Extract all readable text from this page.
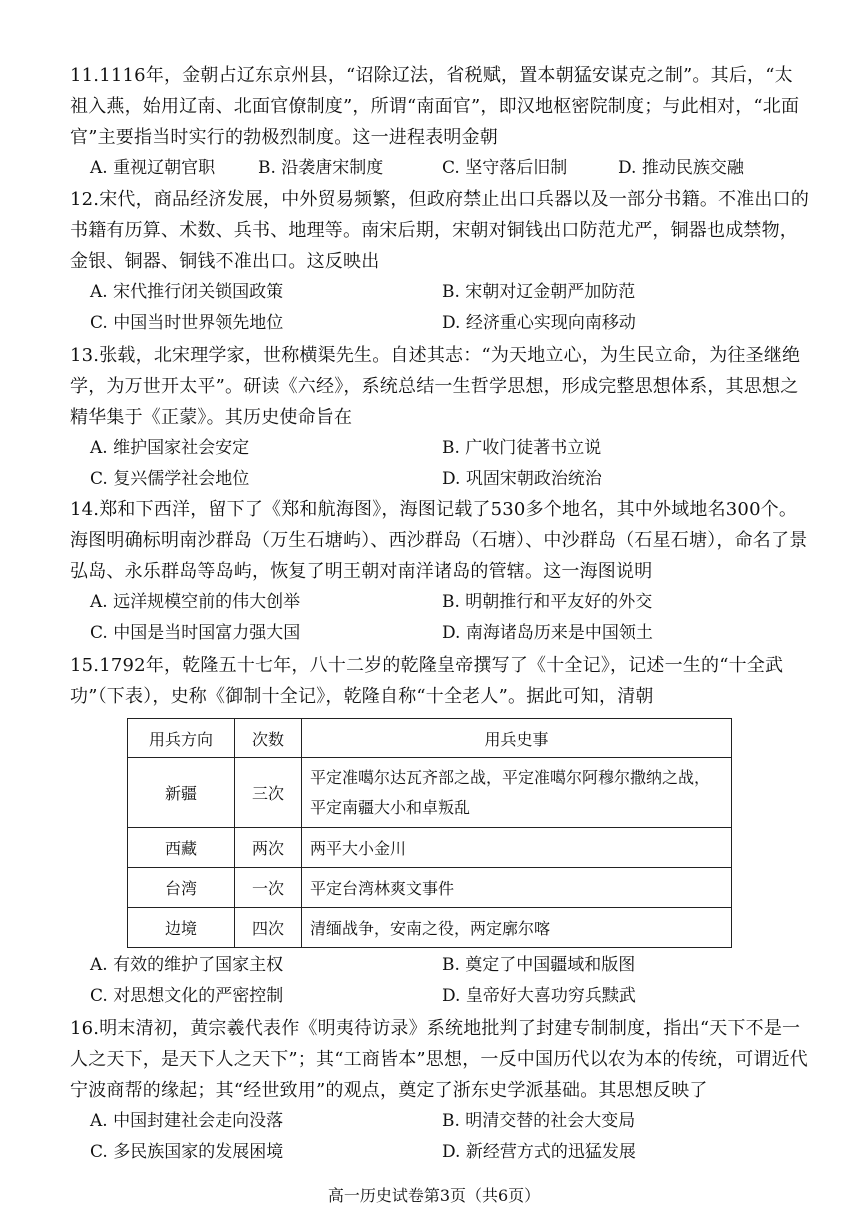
11.1116年，金朝占辽东京州县，“诏除辽法，省税赋，置本朝猛安谋克之制”。其后，“太祖入燕，始用辽南、北面官僚制度”，所谓“南面官”，即汉地枢密院制度；与此相对，“北面官”主要指当时实行的勃极烈制度。这一进程表明金朝

A. 重视辽朝官职	B. 沿袭唐宋制度	C. 坚守落后旧制	D. 推动民族交融

12.宋代，商品经济发展，中外贸易频繁，但政府禁止出口兵器以及一部分书籍。不准出口的书籍有历算、术数、兵书、地理等。南宋后期，宋朝对铜钱出口防范尤严，铜器也成禁物，金银、铜器、铜钱不准出口。这反映出

A. 宋代推行闭关锁国政策	B. 宋朝对辽金朝严加防范
C. 中国当时世界领先地位	D. 经济重心实现向南移动

13.张载，北宋理学家，世称横渠先生。自述其志：“为天地立心，为生民立命，为往圣继绝学，为万世开太平”。研读《六经》，系统总结一生哲学思想，形成完整思想体系，其思想之精华集于《正蒙》。其历史使命旨在

A. 维护国家社会安定	B. 广收门徒著书立说
C. 复兴儒学社会地位	D. 巩固宋朝政治统治

14.郑和下西洋，留下了《郑和航海图》，海图记载了530多个地名，其中外域地名300个。海图明确标明南沙群岛（万生石塘屿）、西沙群岛（石塘）、中沙群岛（石星石塘），命名了景弘岛、永乐群岛等岛屿，恢复了明王朝对南洋诸岛的管辖。这一海图说明

A. 远洋规模空前的伟大创举	B. 明朝推行和平友好的外交
C. 中国是当时国富力强大国	D. 南海诸岛历来是中国领土

15.1792年，乾隆五十七年，八十二岁的乾隆皇帝撰写了《十全记》，记述一生的“十全武功”（下表），史称《御制十全记》，乾隆自称“十全老人”。据此可知，清朝

用兵方向	次数	用兵史事
新疆	三次	平定准噶尔达瓦齐部之战，平定准噶尔阿穆尔撒纳之战，平定南疆大小和卓叛乱
西藏	两次	两平大小金川
台湾	一次	平定台湾林爽文事件
边境	四次	清缅战争，安南之役，两定廓尔喀
A. 有效的维护了国家主权	B. 奠定了中国疆域和版图
C. 对思想文化的严密控制	D. 皇帝好大喜功穷兵黩武

16.明末清初，黄宗羲代表作《明夷待访录》系统地批判了封建专制制度，指出“天下不是一人之天下，是天下人之天下”；其“工商皆本”思想，一反中国历代以农为本的传统，可谓近代宁波商帮的缘起；其“经世致用”的观点，奠定了浙东史学派基础。其思想反映了

A. 中国封建社会走向没落	B. 明清交替的社会大变局
C. 多民族国家的发展困境	D. 新经营方式的迅猛发展
高一历史试卷第3页（共6页）
